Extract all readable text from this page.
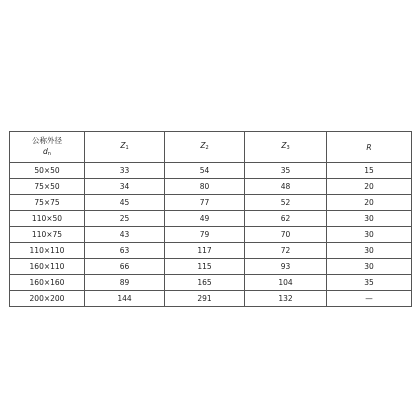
公称外径
dn	Z1	Z2	Z3	R
50×50	33	54	35	15
75×50	34	80	48	20
75×75	45	77	52	20
110×50	25	49	62	30
110×75	43	79	70	30
110×110	63	117	72	30
160×110	66	115	93	30
160×160	89	165	104	35
200×200	144	291	132	—
